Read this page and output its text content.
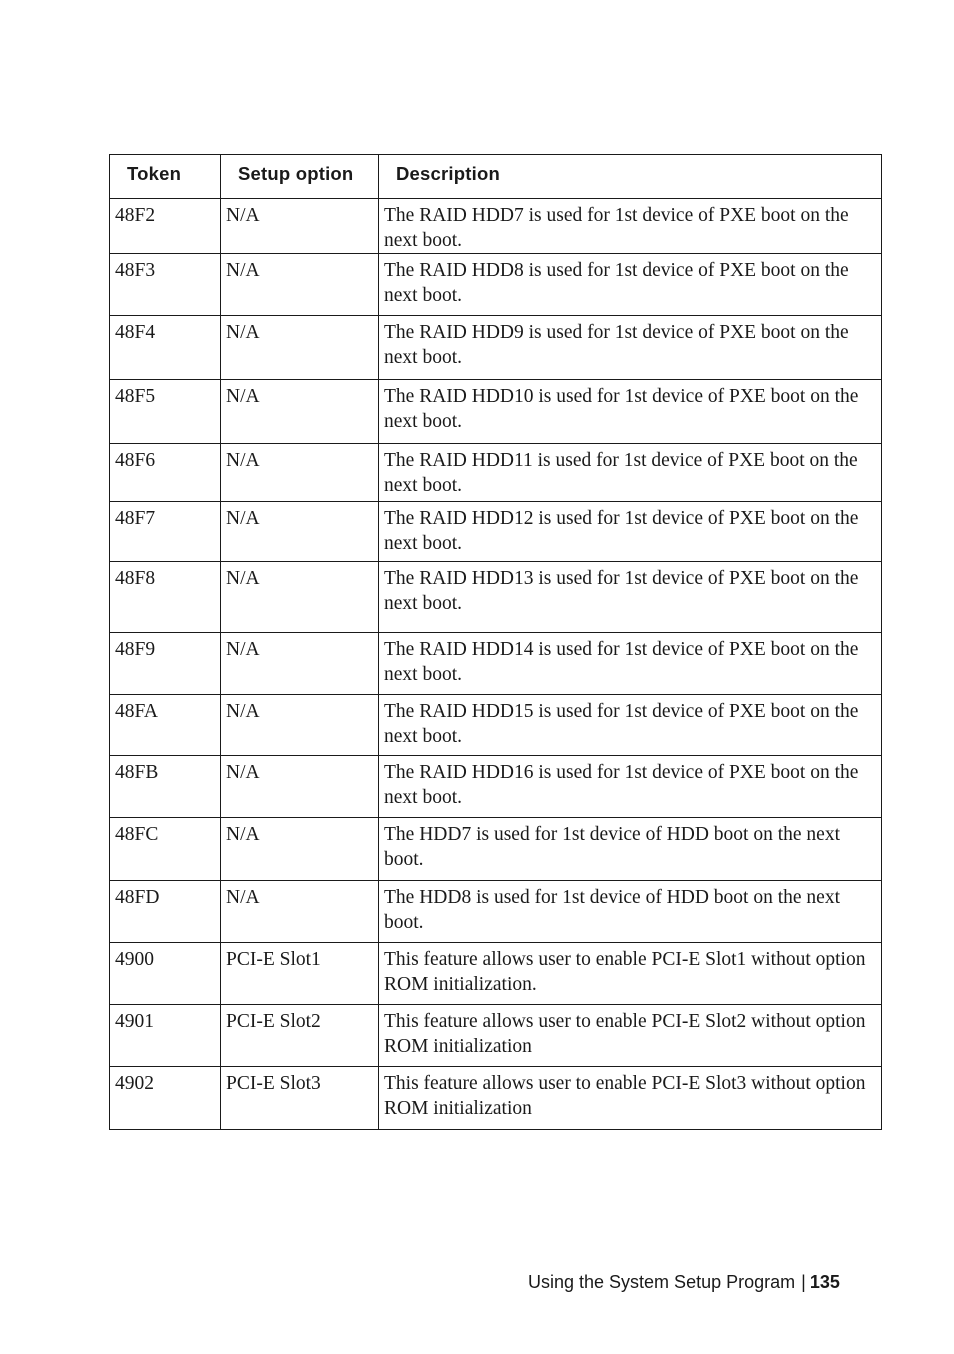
Token	Setup option	Description
48F2	N/A	The RAID HDD7 is used for 1st device of PXE boot on the next boot.
48F3	N/A	The RAID HDD8 is used for 1st device of PXE boot on the next boot.
48F4	N/A	The RAID HDD9 is used for 1st device of PXE boot on the next boot.
48F5	N/A	The RAID HDD10 is used for 1st device of PXE boot on the next boot.
48F6	N/A	The RAID HDD11 is used for 1st device of PXE boot on the next boot.
48F7	N/A	The RAID HDD12 is used for 1st device of PXE boot on the next boot.
48F8	N/A	The RAID HDD13 is used for 1st device of PXE boot on the next boot.
48F9	N/A	The RAID HDD14 is used for 1st device of PXE boot on the next boot.
48FA	N/A	The RAID HDD15 is used for 1st device of PXE boot on the next boot.
48FB	N/A	The RAID HDD16 is used for 1st device of PXE boot on the next boot.
48FC	N/A	The HDD7 is used for 1st device of HDD boot on the next boot.
48FD	N/A	The HDD8 is used for 1st device of HDD boot on the next boot.
4900	PCI-E Slot1	This feature allows user to enable PCI-E Slot1 without option ROM initialization.
4901	PCI-E Slot2	This feature allows user to enable PCI-E Slot2 without option ROM initialization
4902	PCI-E Slot3	This feature allows user to enable PCI-E Slot3 without option ROM initialization
Using the System Setup Program | 135
